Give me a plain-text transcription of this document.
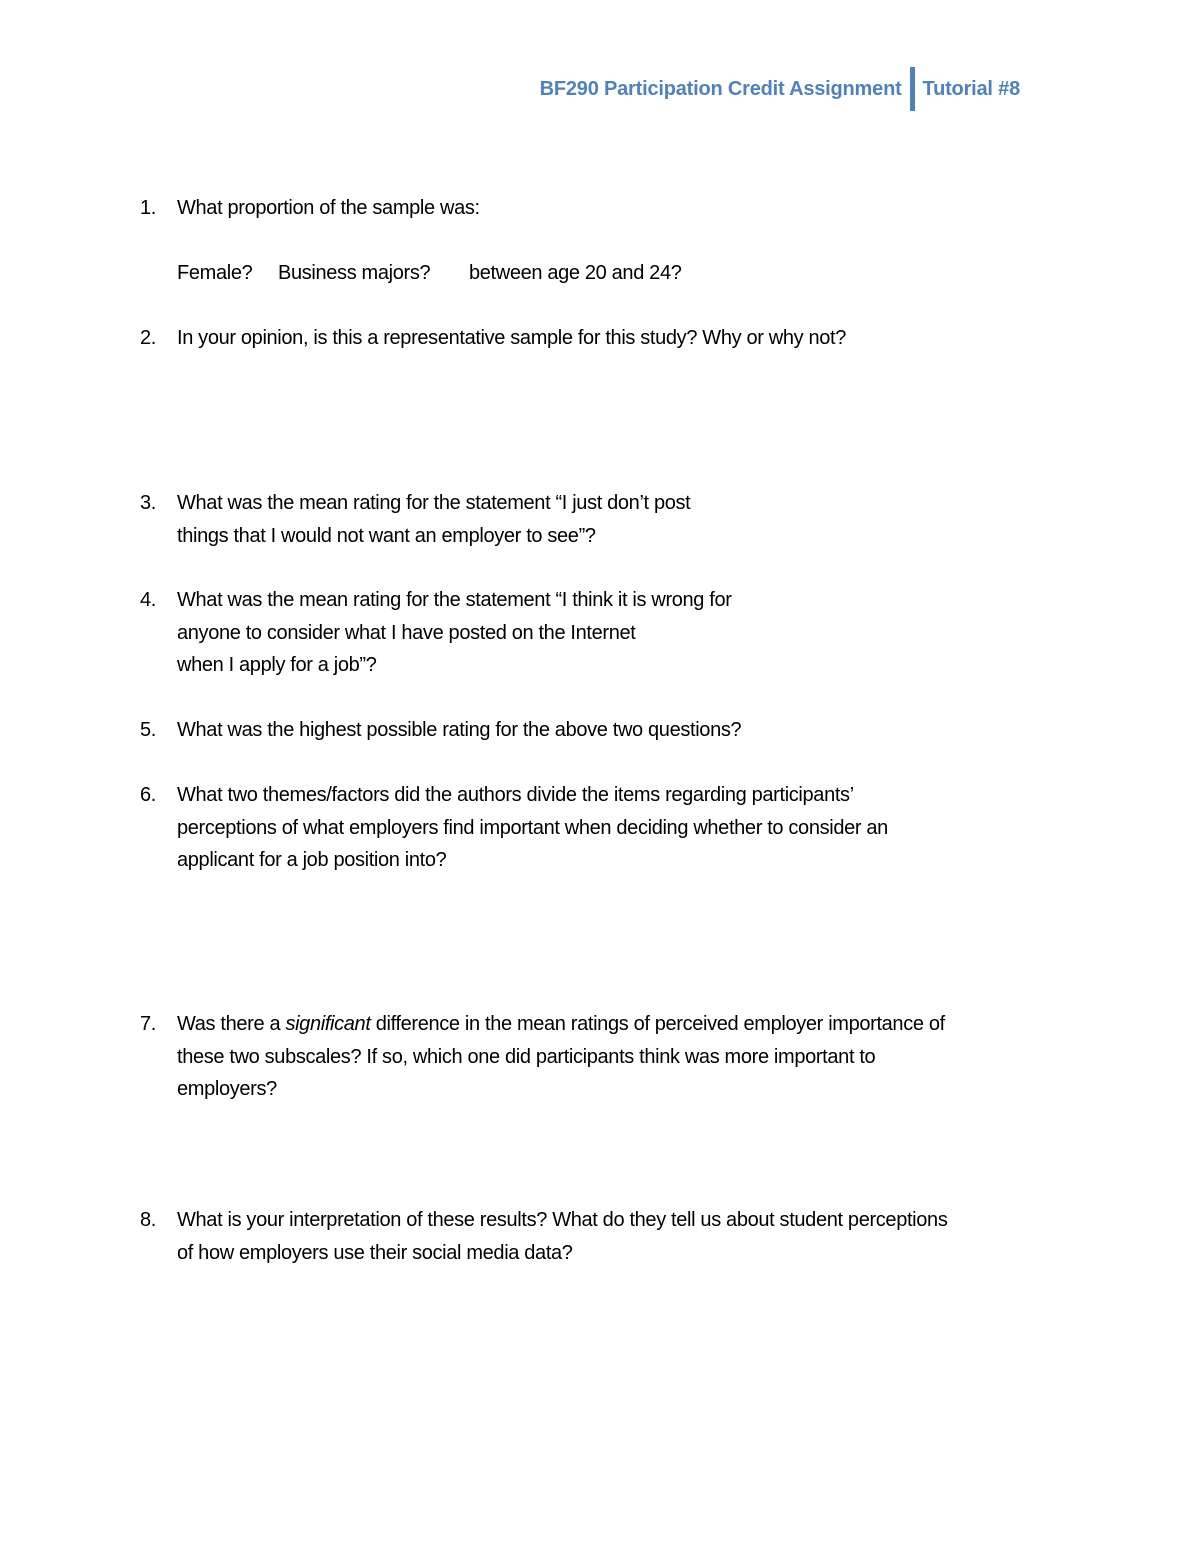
BF290 Participation Credit Assignment Tutorial #8
1.	What proportion of the sample was:
Female? Business majors? between age 20 and 24?
2.	In your opinion, is this a representative sample for this study? Why or why not?
3.	What was the mean rating for the statement “I just don’t post
things that I would not want an employer to see”?
4.	What was the mean rating for the statement “I think it is wrong for
anyone to consider what I have posted on the Internet
when I apply for a job”?
5.	What was the highest possible rating for the above two questions?
6.	What two themes/factors did the authors divide the items regarding participants’
perceptions of what employers find important when deciding whether to consider an
applicant for a job position into?
7.	Was there a significant difference in the mean ratings of perceived employer importance of
these two subscales? If so, which one did participants think was more important to
employers?
8.	What is your interpretation of these results? What do they tell us about student perceptions
of how employers use their social media data?
